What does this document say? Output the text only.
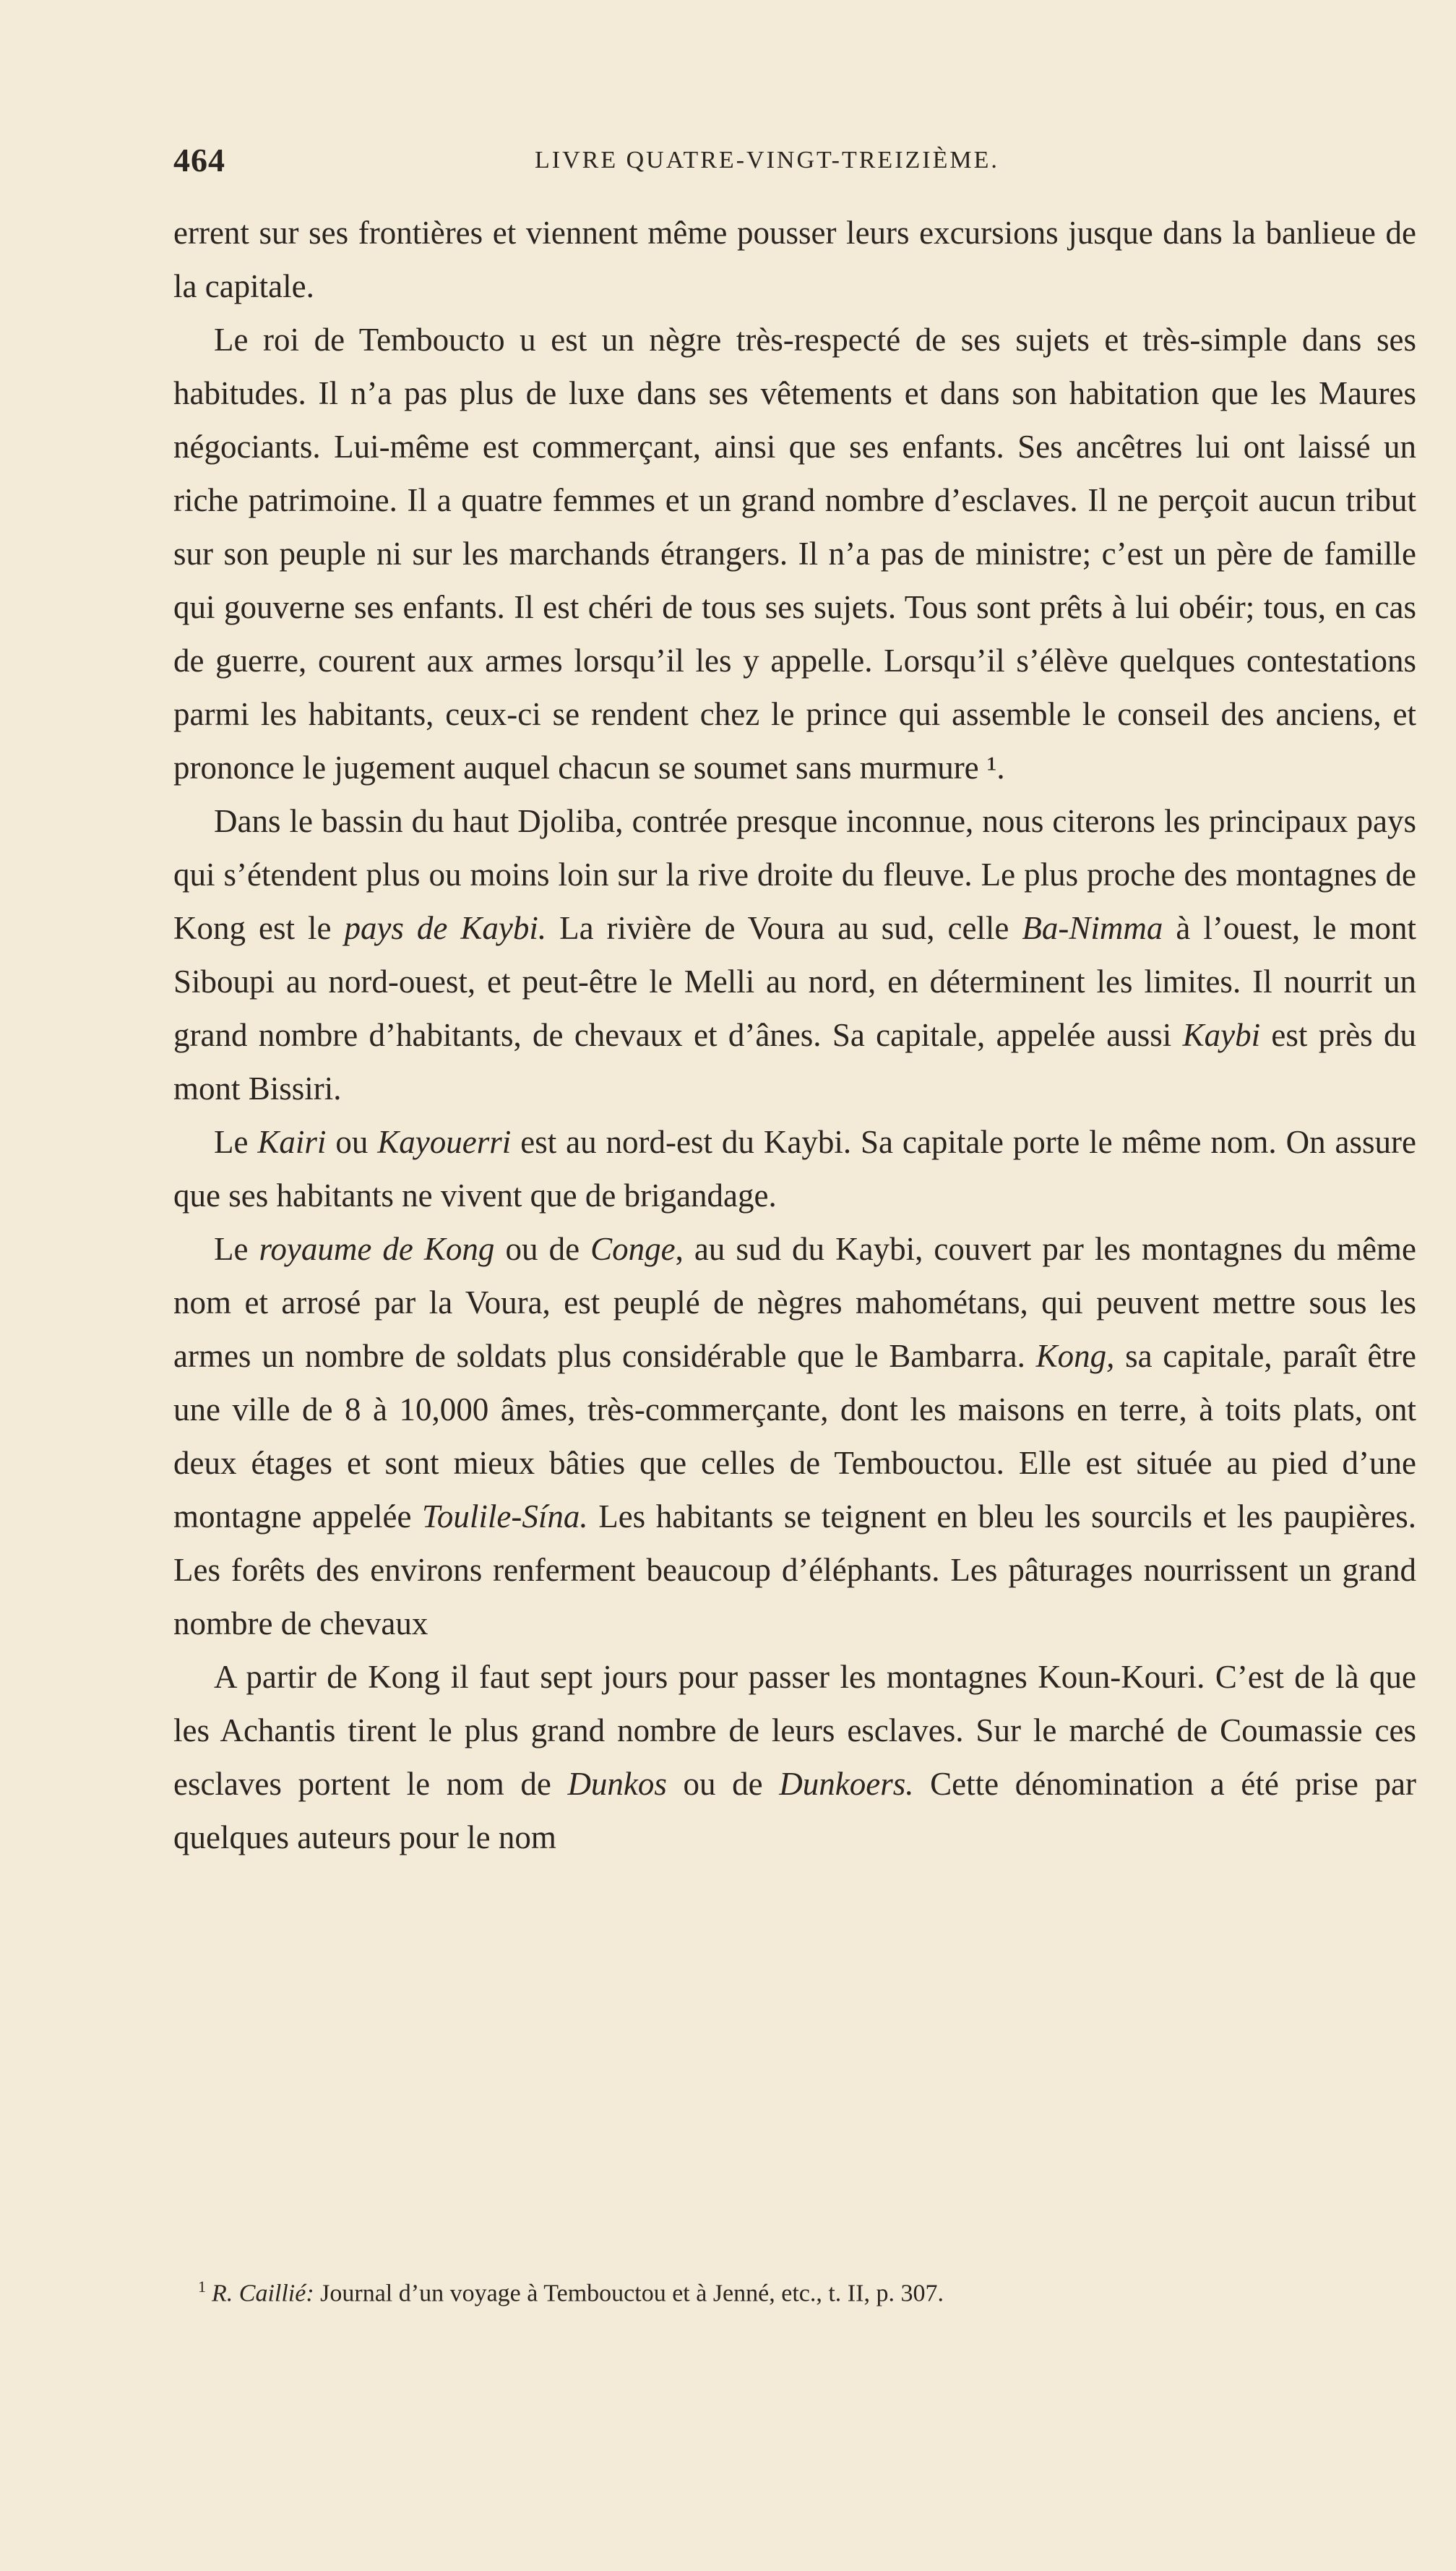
464	LIVRE QUATRE-VINGT-TREIZIÈME.

errent sur ses frontières et viennent même pousser leurs excursions jusque dans la banlieue de la capitale.

Le roi de Temboucto u est un nègre très-respecté de ses sujets et très-simple dans ses habitudes. Il n’a pas plus de luxe dans ses vêtements et dans son habitation que les Maures négociants. Lui-même est commerçant, ainsi que ses enfants. Ses ancêtres lui ont laissé un riche patrimoine. Il a quatre femmes et un grand nombre d’esclaves. Il ne perçoit aucun tribut sur son peuple ni sur les marchands étrangers. Il n’a pas de ministre; c’est un père de famille qui gouverne ses enfants. Il est chéri de tous ses sujets. Tous sont prêts à lui obéir; tous, en cas de guerre, courent aux armes lorsqu’il les y appelle. Lorsqu’il s’élève quelques contestations parmi les habitants, ceux-ci se rendent chez le prince qui assemble le conseil des anciens, et prononce le jugement auquel chacun se soumet sans murmure ¹.

Dans le bassin du haut Djoliba, contrée presque inconnue, nous citerons les principaux pays qui s’étendent plus ou moins loin sur la rive droite du fleuve. Le plus proche des montagnes de Kong est le pays de Kaybi. La rivière de Voura au sud, celle Ba-Nimma à l’ouest, le mont Siboupi au nord-ouest, et peut-être le Melli au nord, en déterminent les limites. Il nourrit un grand nombre d’habitants, de chevaux et d’ânes. Sa capitale, appelée aussi Kaybi est près du mont Bissiri.

Le Kairi ou Kayouerri est au nord-est du Kaybi. Sa capitale porte le même nom. On assure que ses habitants ne vivent que de brigandage.

Le royaume de Kong ou de Conge, au sud du Kaybi, couvert par les montagnes du même nom et arrosé par la Voura, est peuplé de nègres mahométans, qui peuvent mettre sous les armes un nombre de soldats plus considérable que le Bambarra. Kong, sa capitale, paraît être une ville de 8 à 10,000 âmes, très-commerçante, dont les maisons en terre, à toits plats, ont deux étages et sont mieux bâties que celles de Tembouctou. Elle est située au pied d’une montagne appelée Toulile-Sína. Les habitants se teignent en bleu les sourcils et les paupières. Les forêts des environs renferment beaucoup d’éléphants. Les pâturages nourrissent un grand nombre de chevaux

A partir de Kong il faut sept jours pour passer les montagnes Koun-Kouri. C’est de là que les Achantis tirent le plus grand nombre de leurs esclaves. Sur le marché de Coumassie ces esclaves portent le nom de Dunkos ou de Dunkoers. Cette dénomination a été prise par quelques auteurs pour le nom

$^1$ R. Caillié: Journal d’un voyage à Tembouctou et à Jenné, etc., t. II, p. 307.
